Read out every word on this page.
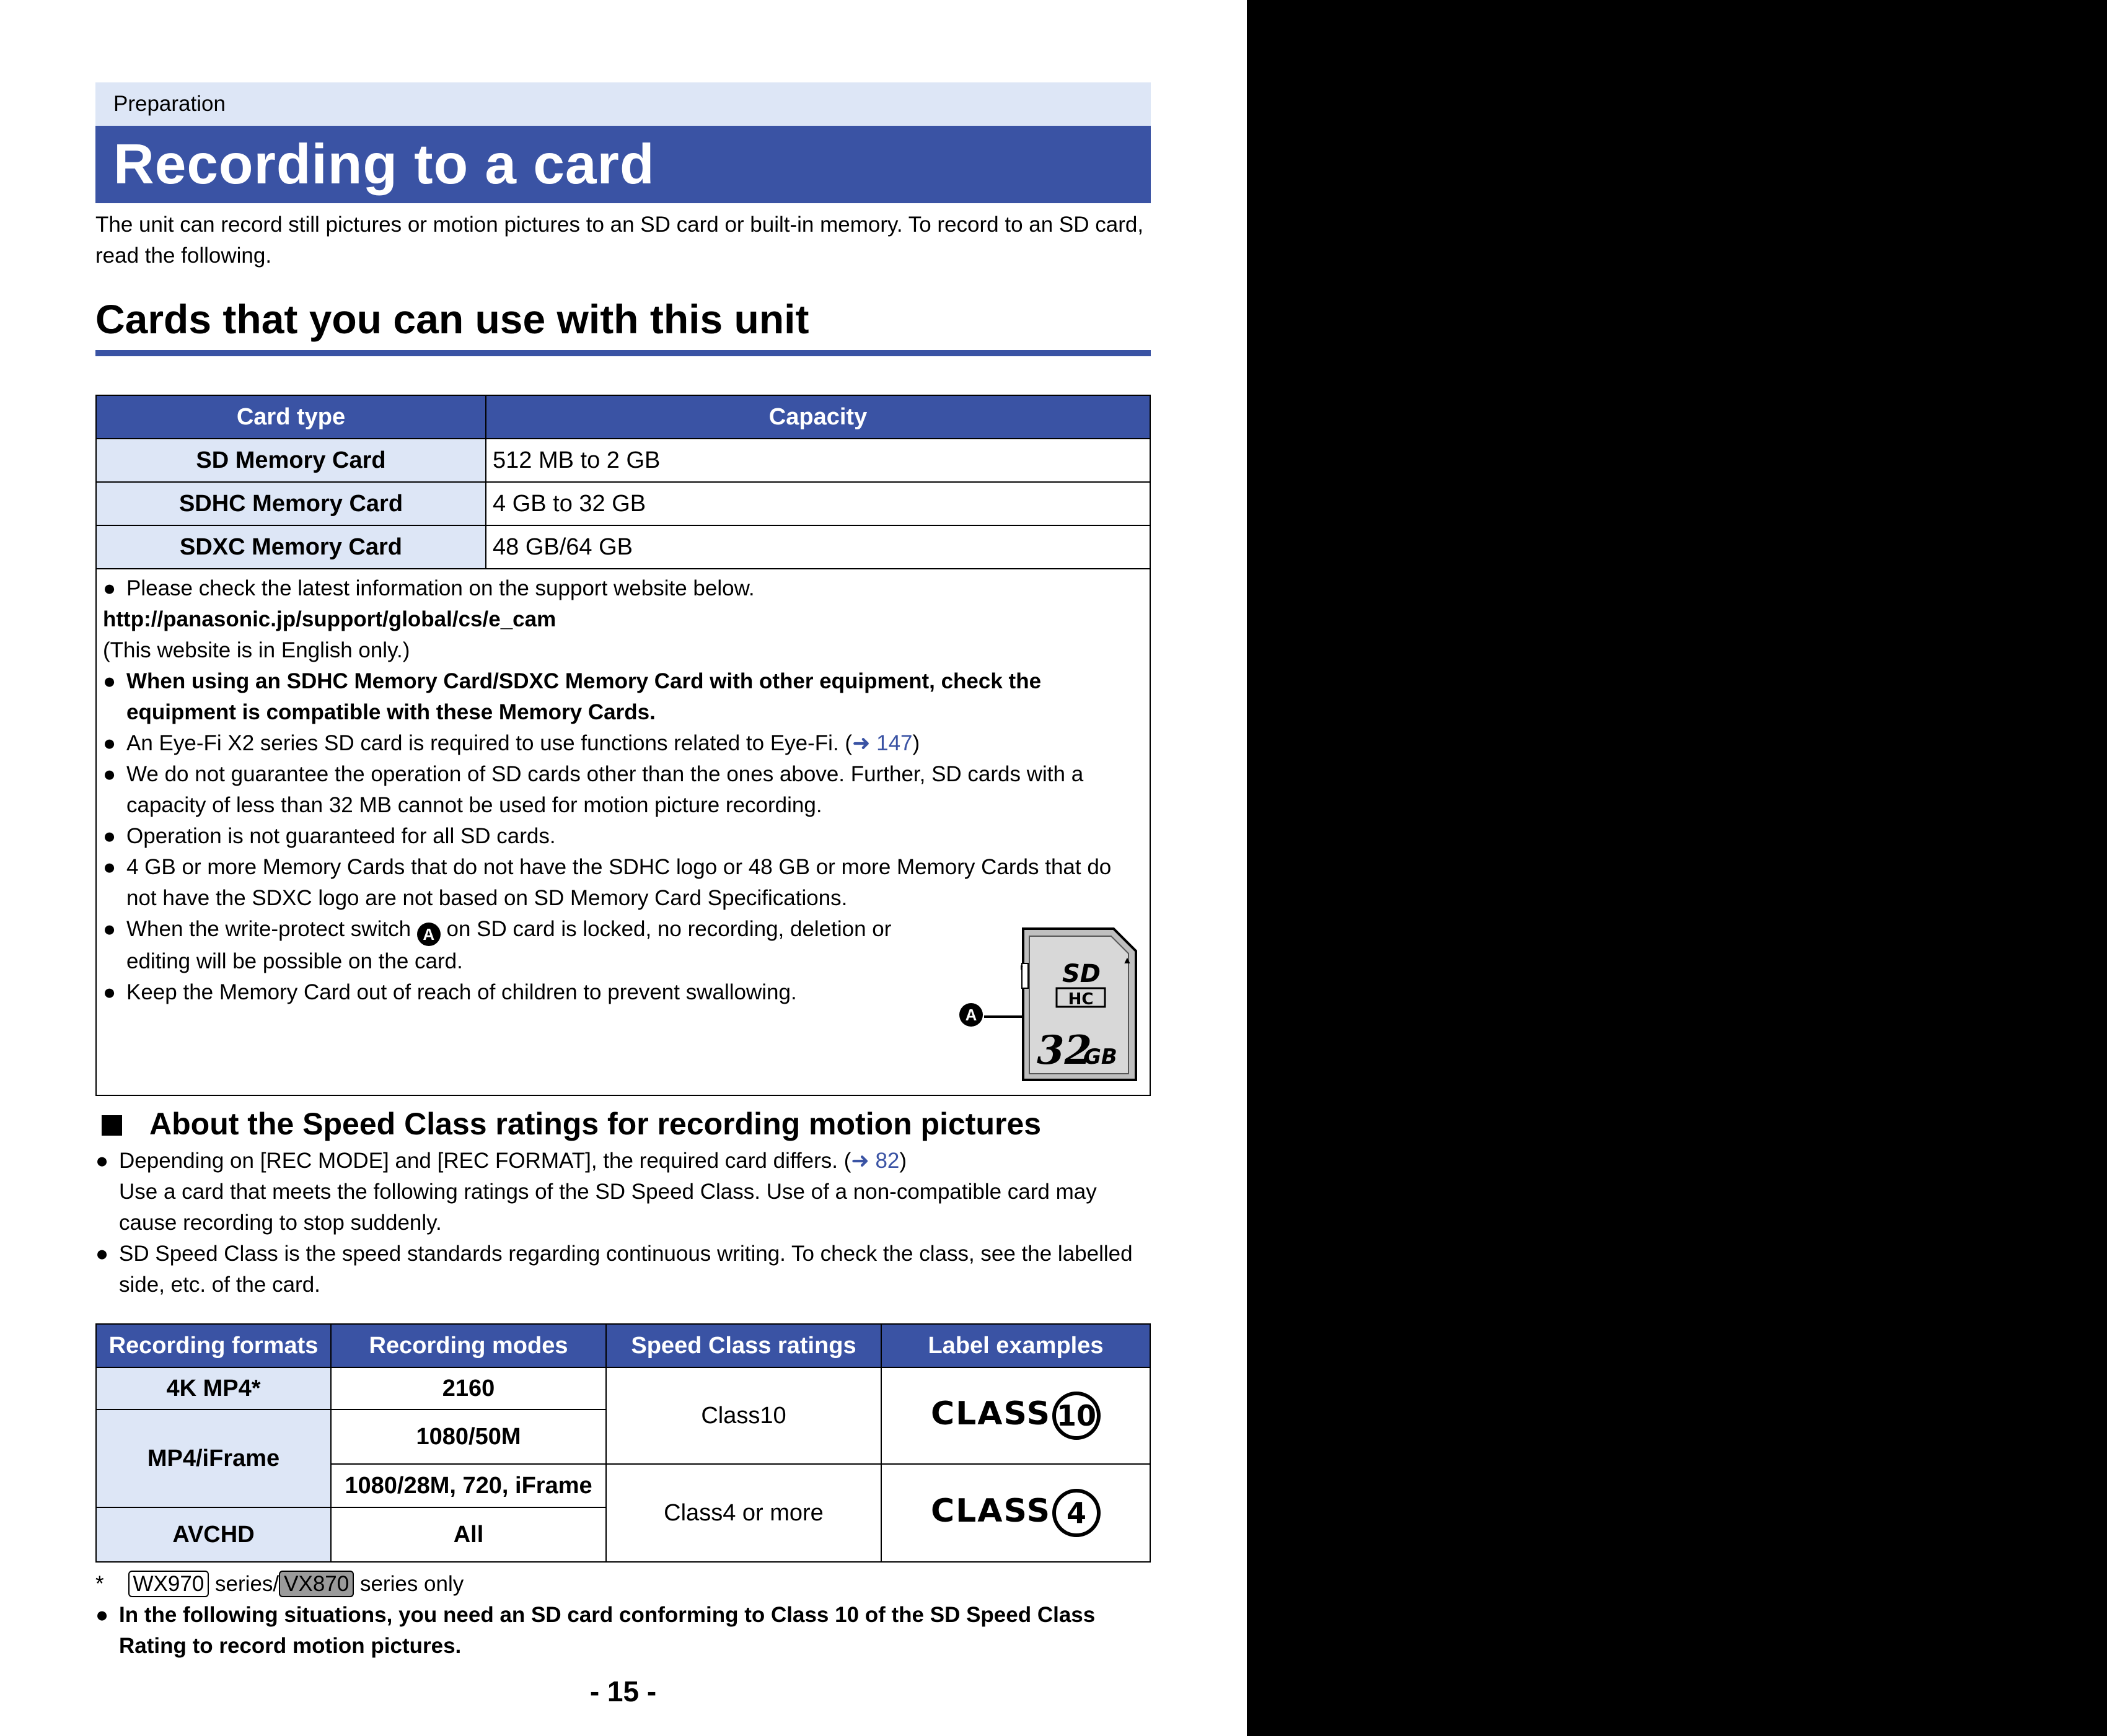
Preparation
Recording to a card
The unit can record still pictures or motion pictures to an SD card or built-in memory. To record to an SD card, read the following.
Cards that you can use with this unit
Card type	Capacity
SD Memory Card	512 MB to 2 GB
SDHC Memory Card	4 GB to 32 GB
SDXC Memory Card	48 GB/64 GB
● Please check the latest information on the support website below.
http://panasonic.jp/support/global/cs/e_cam
(This website is in English only.)
● When using an SDHC Memory Card/SDXC Memory Card with other equipment, check the equipment is compatible with these Memory Cards.
● An Eye-Fi X2 series SD card is required to use functions related to Eye-Fi. (➜ 147)
● We do not guarantee the operation of SD cards other than the ones above. Further, SD cards with a capacity of less than 32 MB cannot be used for motion picture recording.
● Operation is not guaranteed for all SD cards.
● 4 GB or more Memory Cards that do not have the SDHC logo or 48 GB or more Memory Cards that do not have the SDXC logo are not based on SD Memory Card Specifications.
● When the write-protect switch A on SD card is locked, no recording, deletion or editing will be possible on the card.
● Keep the Memory Card out of reach of children to prevent swallowing.
A
SD
HC
32
GB
▲
About the Speed Class ratings for recording motion pictures
● Depending on [REC MODE] and [REC FORMAT], the required card differs. (➜ 82)
Use a card that meets the following ratings of the SD Speed Class. Use of a non-compatible card may cause recording to stop suddenly.
● SD Speed Class is the speed standards regarding continuous writing. To check the class, see the labelled side, etc. of the card.
Recording formats	Recording modes	Speed Class ratings	Label examples
4K MP4*	2160	Class10	CLASS 10
MP4/iFrame	1080/50M		
	1080/28M, 720, iFrame	Class4 or more	CLASS 4
AVCHD	All		
* WX970 series/ VX870 series only
● In the following situations, you need an SD card conforming to Class 10 of the SD Speed Class Rating to record motion pictures.
- 15 -
